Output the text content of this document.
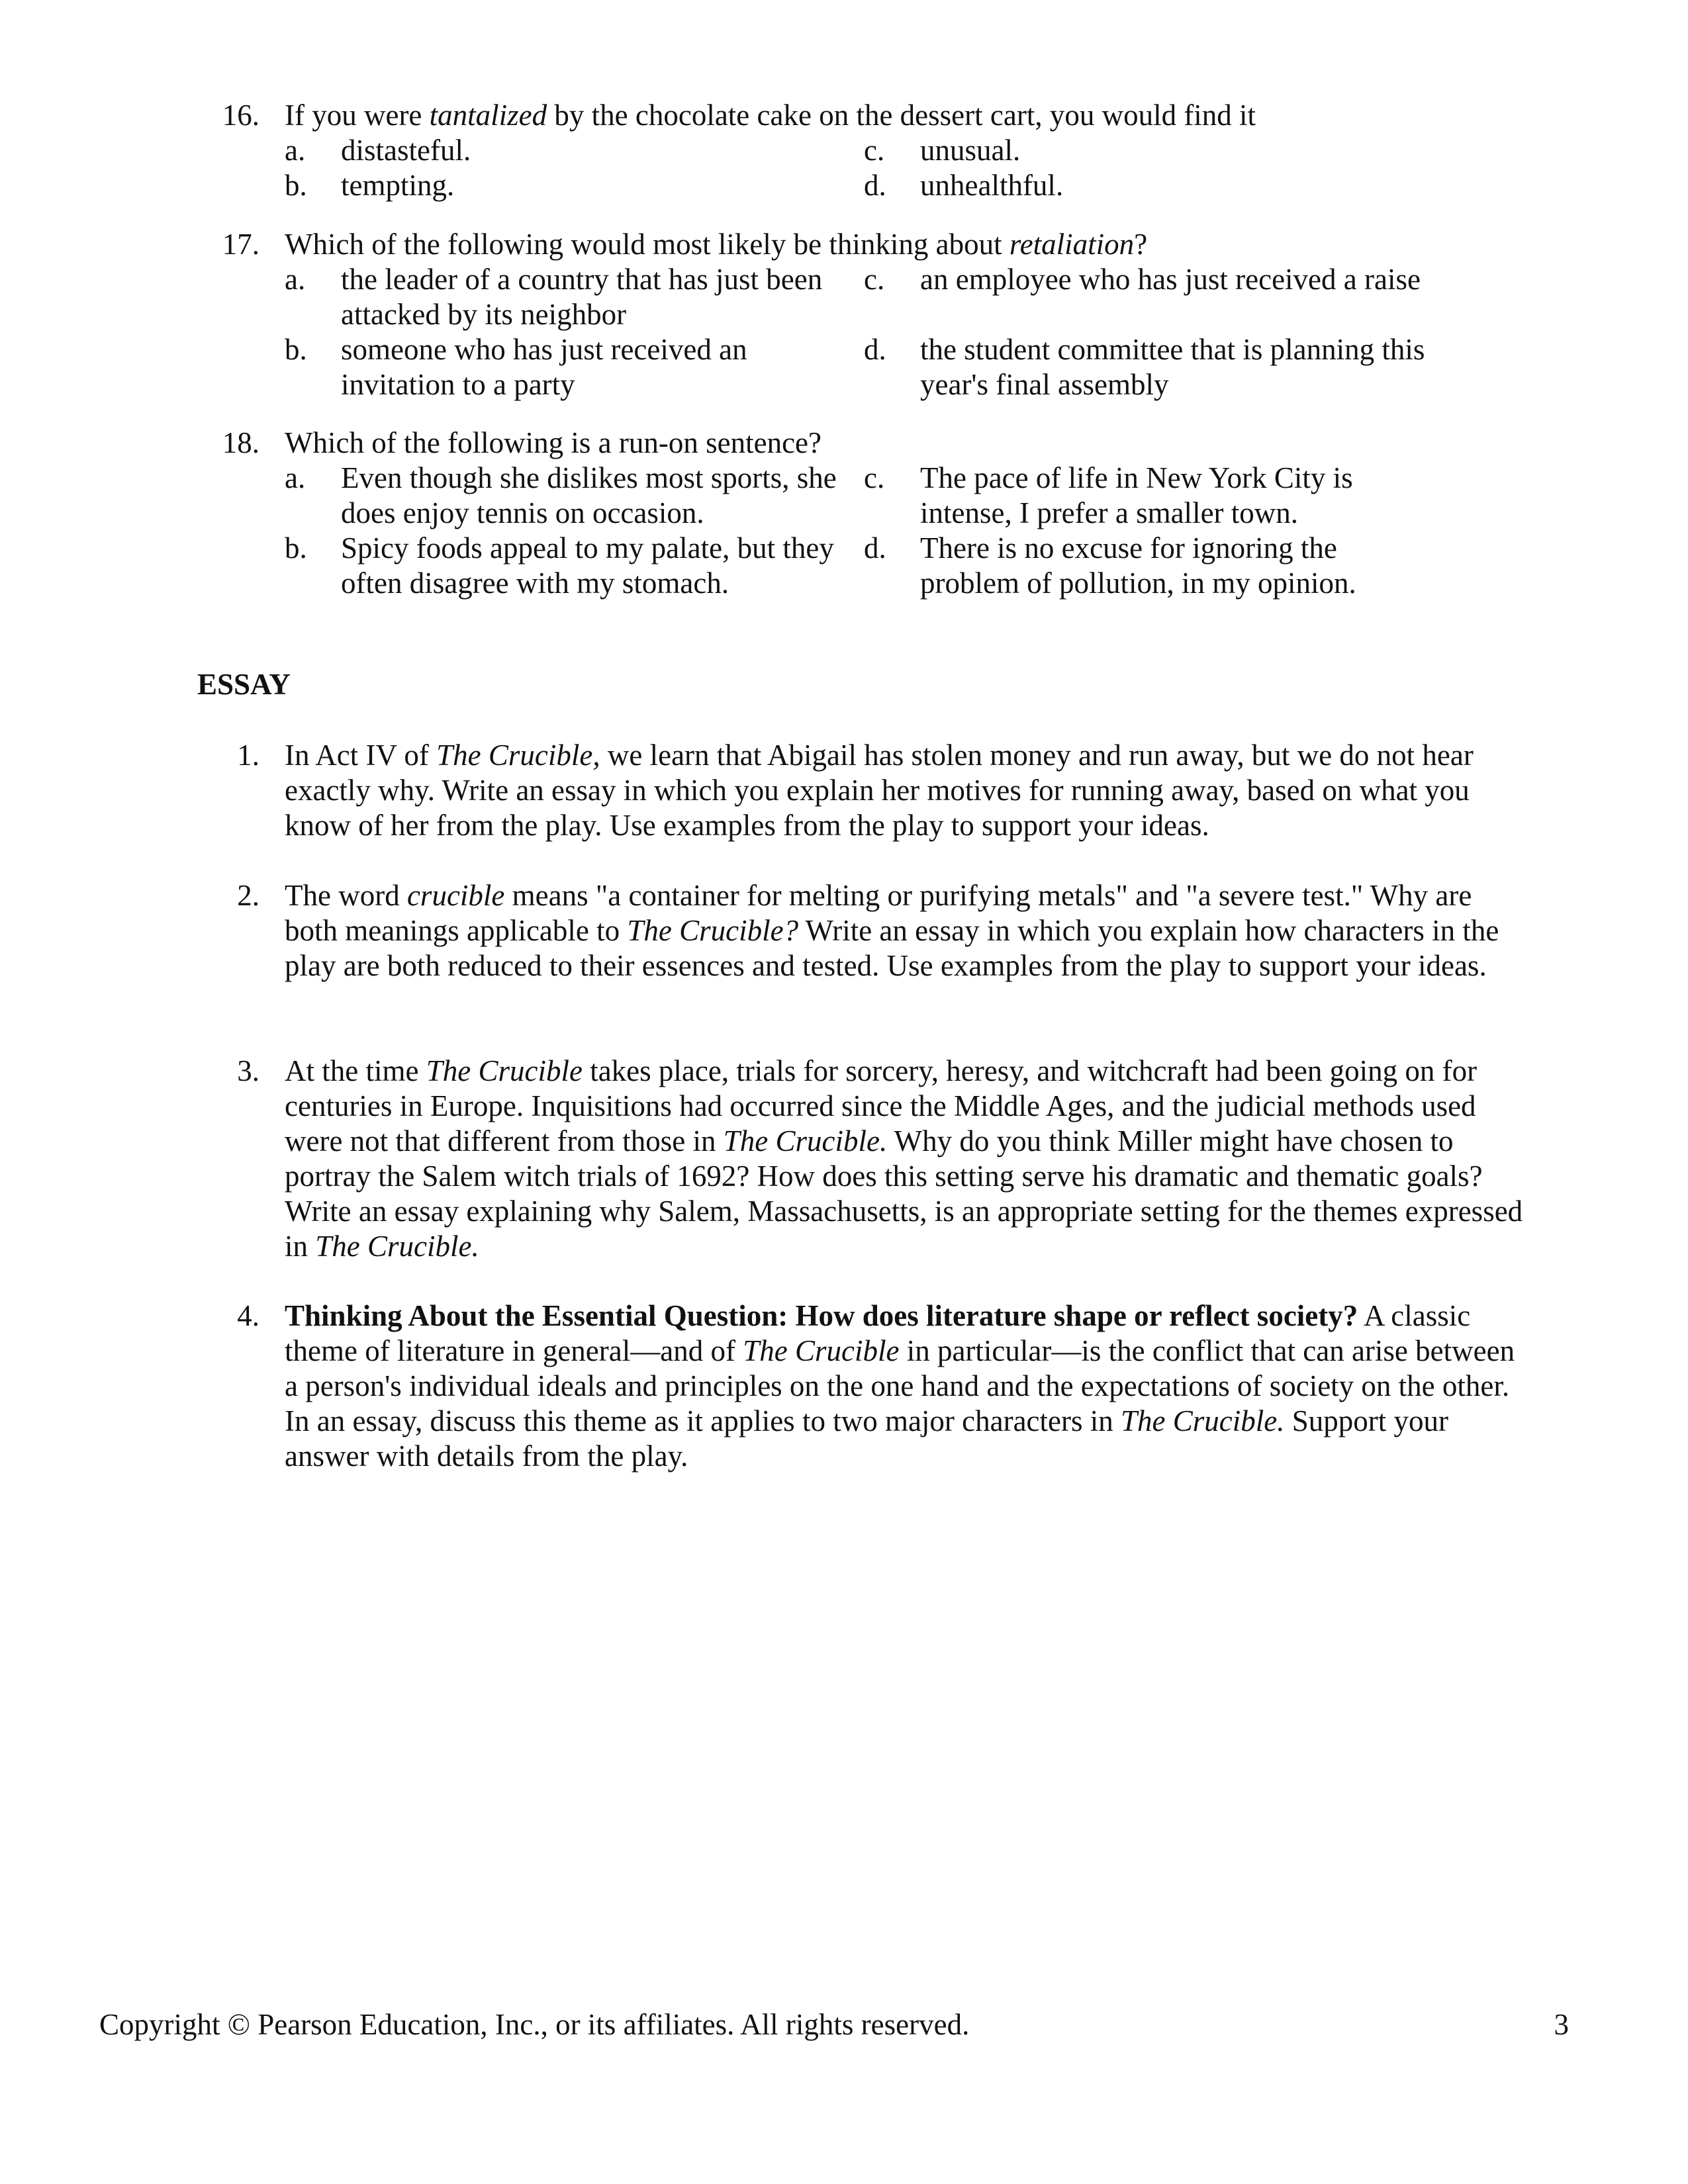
16. If you were tantalized by the chocolate cake on the dessert cart, you would find it
a.	distasteful.	c.	unusual.
b.	tempting.	d.	unhealthful.
17. Which of the following would most likely be thinking about retaliation?
a.	the leader of a country that has just been attacked by its neighbor
c.	an employee who has just received a raise
b.	someone who has just received an invitation to a party
d.	the student committee that is planning this year's final assembly
18. Which of the following is a run-on sentence?
a.	Even though she dislikes most sports, she does enjoy tennis on occasion.
c.	The pace of life in New York City is intense, I prefer a smaller town.
b.	Spicy foods appeal to my palate, but they often disagree with my stomach.
d.	There is no excuse for ignoring the problem of pollution, in my opinion.
ESSAY
1. In Act IV of The Crucible, we learn that Abigail has stolen money and run away, but we do not hear exactly why. Write an essay in which you explain her motives for running away, based on what you know of her from the play. Use examples from the play to support your ideas.
2. The word crucible means "a container for melting or purifying metals" and "a severe test." Why are both meanings applicable to The Crucible? Write an essay in which you explain how characters in the play are both reduced to their essences and tested. Use examples from the play to support your ideas.
3. At the time The Crucible takes place, trials for sorcery, heresy, and witchcraft had been going on for centuries in Europe. Inquisitions had occurred since the Middle Ages, and the judicial methods used were not that different from those in The Crucible. Why do you think Miller might have chosen to portray the Salem witch trials of 1692? How does this setting serve his dramatic and thematic goals? Write an essay explaining why Salem, Massachusetts, is an appropriate setting for the themes expressed in The Crucible.
4. Thinking About the Essential Question: How does literature shape or reflect society? A classic theme of literature in general—and of The Crucible in particular—is the conflict that can arise between a person's individual ideals and principles on the one hand and the expectations of society on the other. In an essay, discuss this theme as it applies to two major characters in The Crucible. Support your answer with details from the play.
Copyright © Pearson Education, Inc., or its affiliates. All rights reserved.	3
